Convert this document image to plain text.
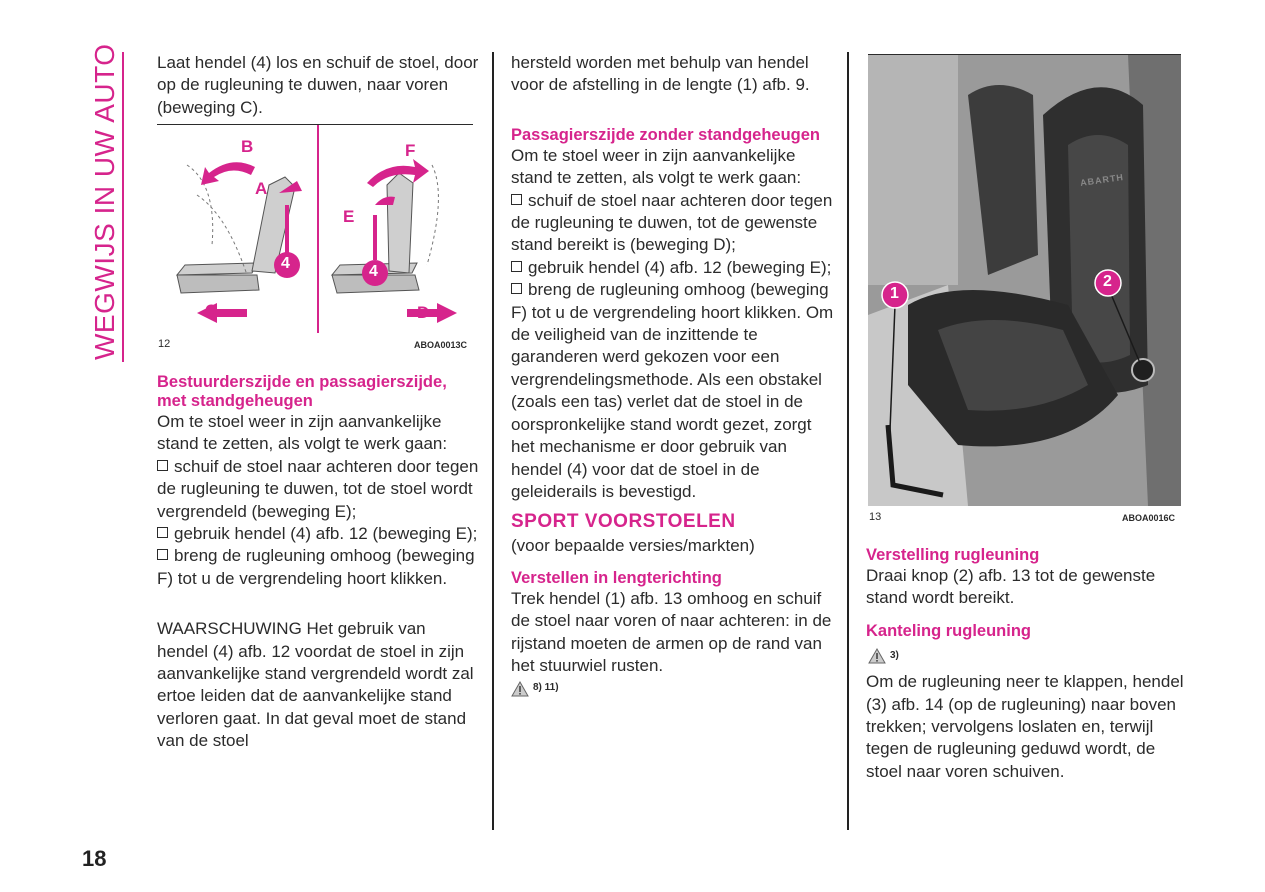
WEGWIJS IN UW AUTO Laat hendel (4) los en schuif de stoel, door op de rugleuning te duwen, naar voren (beweging C).

B
A
C
F
E
D
4	4
12	ABOA0013C

Bestuurderszijde en passagierszijde, met standgeheugen

Om te stoel weer in zijn aanvankelijke stand te zetten, als volgt te werk gaan:

schuif de stoel naar achteren door tegen de rugleuning te duwen, tot de stoel wordt vergrendeld (beweging E);

gebruik hendel (4) afb. 12 (beweging E);

breng de rugleuning omhoog (beweging F) tot u de vergrendeling hoort klikken.

WAARSCHUWING Het gebruik van hendel (4) afb. 12 voordat de stoel in zijn aanvankelijke stand vergrendeld wordt zal ertoe leiden dat de aanvankelijke stand verloren gaat. In dat geval moet de stand van de stoel

hersteld worden met behulp van hendel voor de afstelling in de lengte (1) afb. 9.

Passagierszijde zonder standgeheugen

Om te stoel weer in zijn aanvankelijke stand te zetten, als volgt te werk gaan:

schuif de stoel naar achteren door tegen de rugleuning te duwen, tot de gewenste stand bereikt is (beweging D);

gebruik hendel (4) afb. 12 (beweging E);

breng de rugleuning omhoog (beweging F) tot u de vergrendeling hoort klikken. Om de veiligheid van de inzittende te garanderen werd gekozen voor een vergrendelingsmethode. Als een obstakel (zoals een tas) verlet dat de stoel in de oorspronkelijke stand wordt gezet, zorgt het mechanisme er door gebruik van hendel (4) voor dat de stoel in de geleiderails is bevestigd.

SPORT VOORSTOELEN

(voor bepaalde versies/markten)

Verstellen in lengterichting

Trek hendel (1) afb. 13 omhoog en schuif de stoel naar voren of naar achteren: in de rijstand moeten de armen op de rand van het stuurwiel rusten.

8) 11)
1
2
ABARTH
13	ABOA0016C

Verstelling rugleuning

Draai knop (2) afb. 13 tot de gewenste stand wordt bereikt.

Kanteling rugleuning

3)

Om de rugleuning neer te klappen, hendel (3) afb. 14 (op de rugleuning) naar boven trekken; vervolgens loslaten en, terwijl tegen de rugleuning geduwd wordt, de stoel naar voren schuiven.

18
